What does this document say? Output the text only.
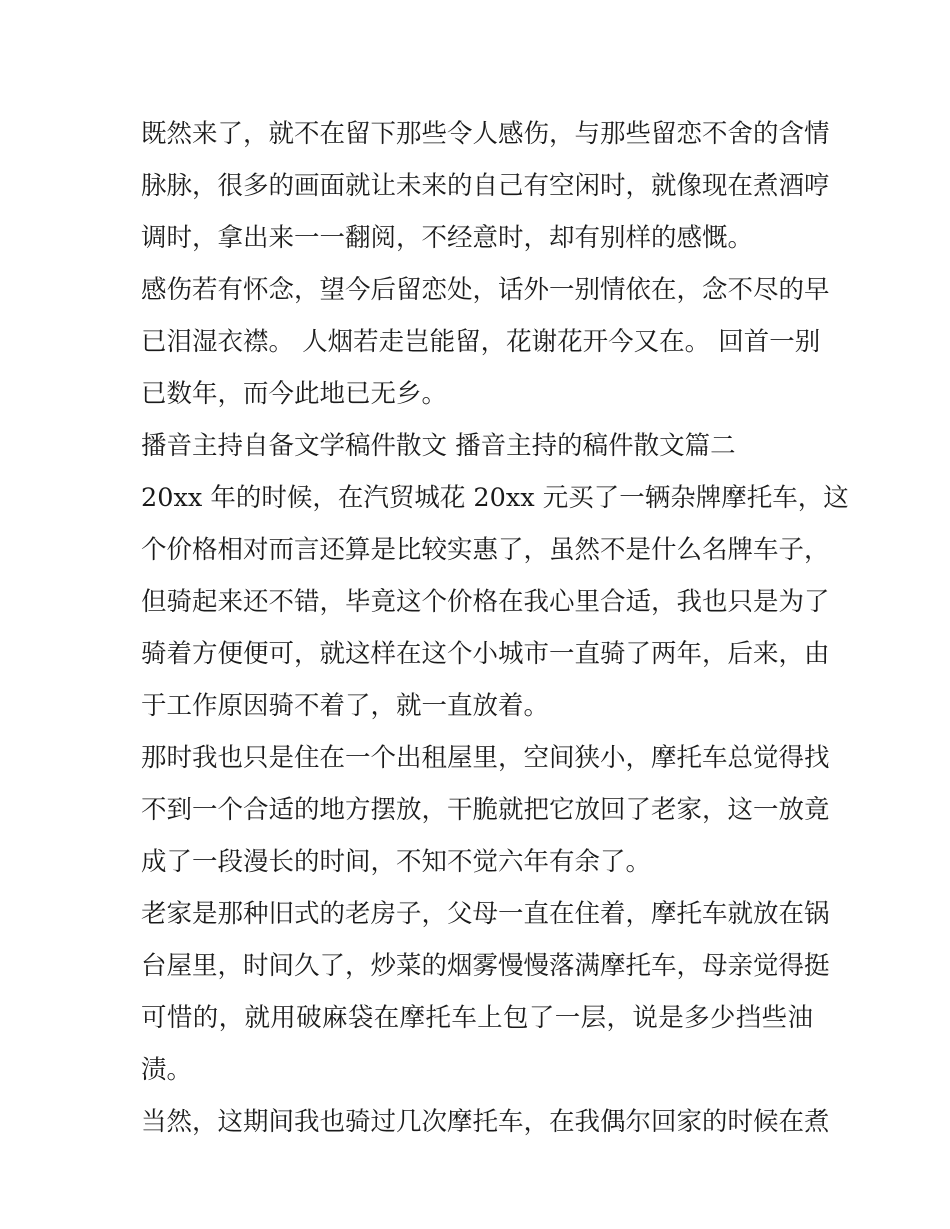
既然来了，就不在留下那些令人感伤，与那些留恋不舍的含情
脉脉，很多的画面就让未来的自己有空闲时，就像现在煮酒哼
调时，拿出来一一翻阅，不经意时，却有别样的感慨。
感伤若有怀念，望今后留恋处，话外一别情依在，念不尽的早
已泪湿衣襟。 人烟若走岂能留，花谢花开今又在。 回首一别
已数年，而今此地已无乡。
播音主持自备文学稿件散文 播音主持的稿件散文篇二
20xx 年的时候，在汽贸城花 20xx 元买了一辆杂牌摩托车，这
个价格相对而言还算是比较实惠了，虽然不是什么名牌车子，
但骑起来还不错，毕竟这个价格在我心里合适，我也只是为了
骑着方便便可，就这样在这个小城市一直骑了两年，后来，由
于工作原因骑不着了，就一直放着。
那时我也只是住在一个出租屋里，空间狭小，摩托车总觉得找
不到一个合适的地方摆放，干脆就把它放回了老家，这一放竟
成了一段漫长的时间，不知不觉六年有余了。
老家是那种旧式的老房子，父母一直在住着，摩托车就放在锅
台屋里，时间久了，炒菜的烟雾慢慢落满摩托车，母亲觉得挺
可惜的，就用破麻袋在摩托车上包了一层，说是多少挡些油
渍。
当然，这期间我也骑过几次摩托车，在我偶尔回家的时候在煮
